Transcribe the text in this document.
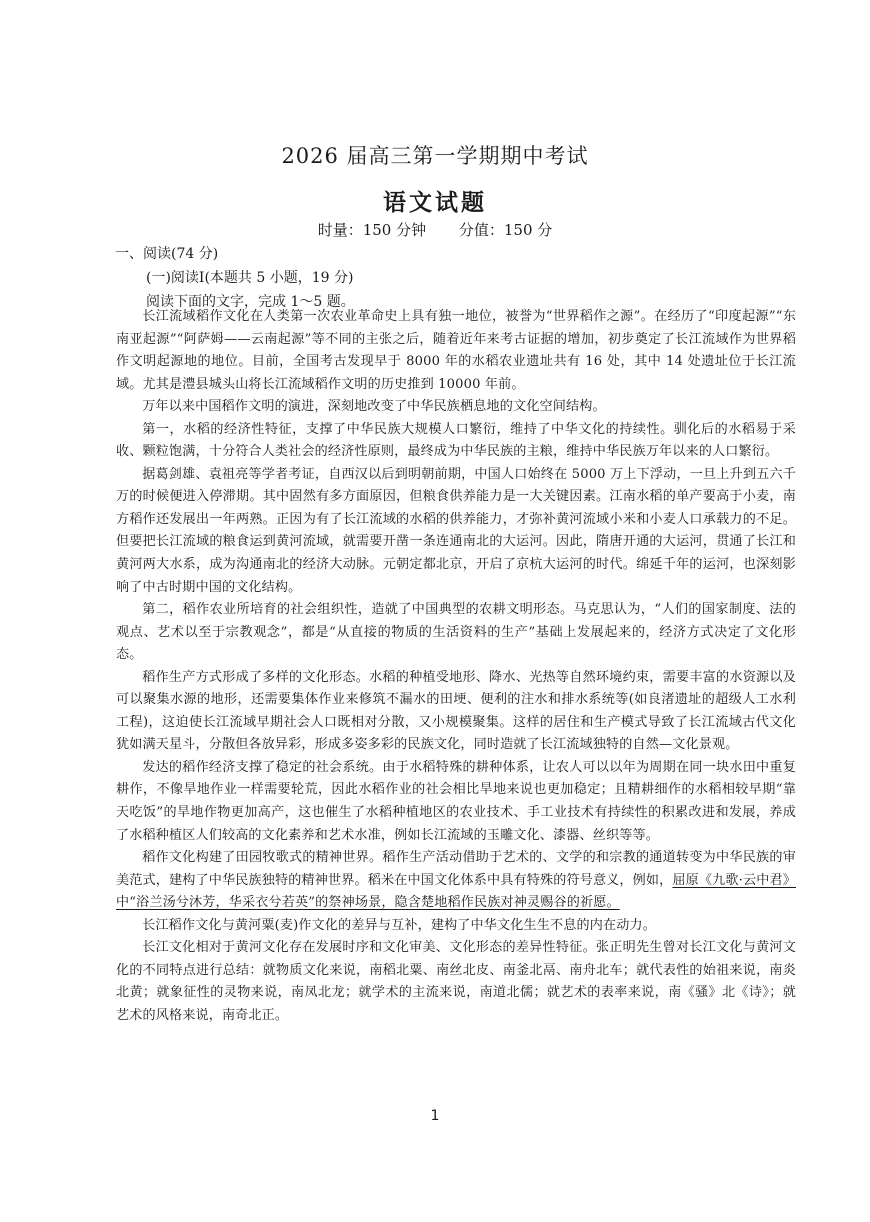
2026 届高三第一学期期中考试
语文试题
时量：150 分钟 分值：150 分
一、阅读(74 分)
(一)阅读Ⅰ(本题共 5 小题，19 分)
阅读下面的文字，完成 1～5 题。

长江流域稻作文化在人类第一次农业革命史上具有独一地位，被誉为“世界稻作之源”。在经历了“印度起源”“东南亚起源”“阿萨姆——云南起源”等不同的主张之后，随着近年来考古证据的增加，初步奠定了长江流域作为世界稻作文明起源地的地位。目前，全国考古发现早于 8000 年的水稻农业遗址共有 16 处，其中 14 处遗址位于长江流域。尤其是澧县城头山将长江流域稻作文明的历史推到 10000 年前。

万年以来中国稻作文明的演进，深刻地改变了中华民族栖息地的文化空间结构。

第一，水稻的经济性特征，支撑了中华民族大规模人口繁衍，维持了中华文化的持续性。驯化后的水稻易于采收、颗粒饱满，十分符合人类社会的经济性原则，最终成为中华民族的主粮，维持中华民族万年以来的人口繁衍。

据葛剑雄、袁祖亮等学者考证，自西汉以后到明朝前期，中国人口始终在 5000 万上下浮动，一旦上升到五六千万的时候便进入停滞期。其中固然有多方面原因，但粮食供养能力是一大关键因素。江南水稻的单产要高于小麦，南方稻作还发展出一年两熟。正因为有了长江流域的水稻的供养能力，才弥补黄河流域小米和小麦人口承载力的不足。但要把长江流域的粮食运到黄河流域，就需要开凿一条连通南北的大运河。因此，隋唐开通的大运河，贯通了长江和黄河两大水系，成为沟通南北的经济大动脉。元朝定都北京，开启了京杭大运河的时代。绵延千年的运河，也深刻影响了中古时期中国的文化结构。

第二，稻作农业所培育的社会组织性，造就了中国典型的农耕文明形态。马克思认为，“人们的国家制度、法的观点、艺术以至于宗教观念”，都是“从直接的物质的生活资料的生产”基础上发展起来的，经济方式决定了文化形态。

稻作生产方式形成了多样的文化形态。水稻的种植受地形、降水、光热等自然环境约束，需要丰富的水资源以及可以聚集水源的地形，还需要集体作业来修筑不漏水的田埂、便利的注水和排水系统等(如良渚遗址的超级人工水利工程)，这迫使长江流域早期社会人口既相对分散，又小规模聚集。这样的居住和生产模式导致了长江流域古代文化犹如满天星斗，分散但各放异彩，形成多姿多彩的民族文化，同时造就了长江流域独特的自然—文化景观。

发达的稻作经济支撑了稳定的社会系统。由于水稻特殊的耕种体系，让农人可以以年为周期在同一块水田中重复耕作，不像旱地作业一样需要轮荒，因此水稻作业的社会相比旱地来说也更加稳定；且精耕细作的水稻相较早期“靠天吃饭”的旱地作物更加高产，这也催生了水稻种植地区的农业技术、手工业技术有持续性的积累改进和发展，养成了水稻种植区人们较高的文化素养和艺术水准，例如长江流域的玉雕文化、漆器、丝织等等。

稻作文化构建了田园牧歌式的精神世界。稻作生产活动借助于艺术的、文学的和宗教的通道转变为中华民族的审美范式，建构了中华民族独特的精神世界。稻米在中国文化体系中具有特殊的符号意义，例如，屈原《九歌·云中君》中“浴兰汤兮沐芳，华采衣兮若英”的祭神场景，隐含楚地稻作民族对神灵赐谷的祈愿。

长江稻作文化与黄河粟(麦)作文化的差异与互补，建构了中华文化生生不息的内在动力。

长江文化相对于黄河文化存在发展时序和文化审美、文化形态的差异性特征。张正明先生曾对长江文化与黄河文化的不同特点进行总结：就物质文化来说，南稻北粟、南丝北皮、南釜北鬲、南舟北车；就代表性的始祖来说，南炎北黄；就象征性的灵物来说，南凤北龙；就学术的主流来说，南道北儒；就艺术的表率来说，南《骚》北《诗》；就艺术的风格来说，南奇北正。

1
